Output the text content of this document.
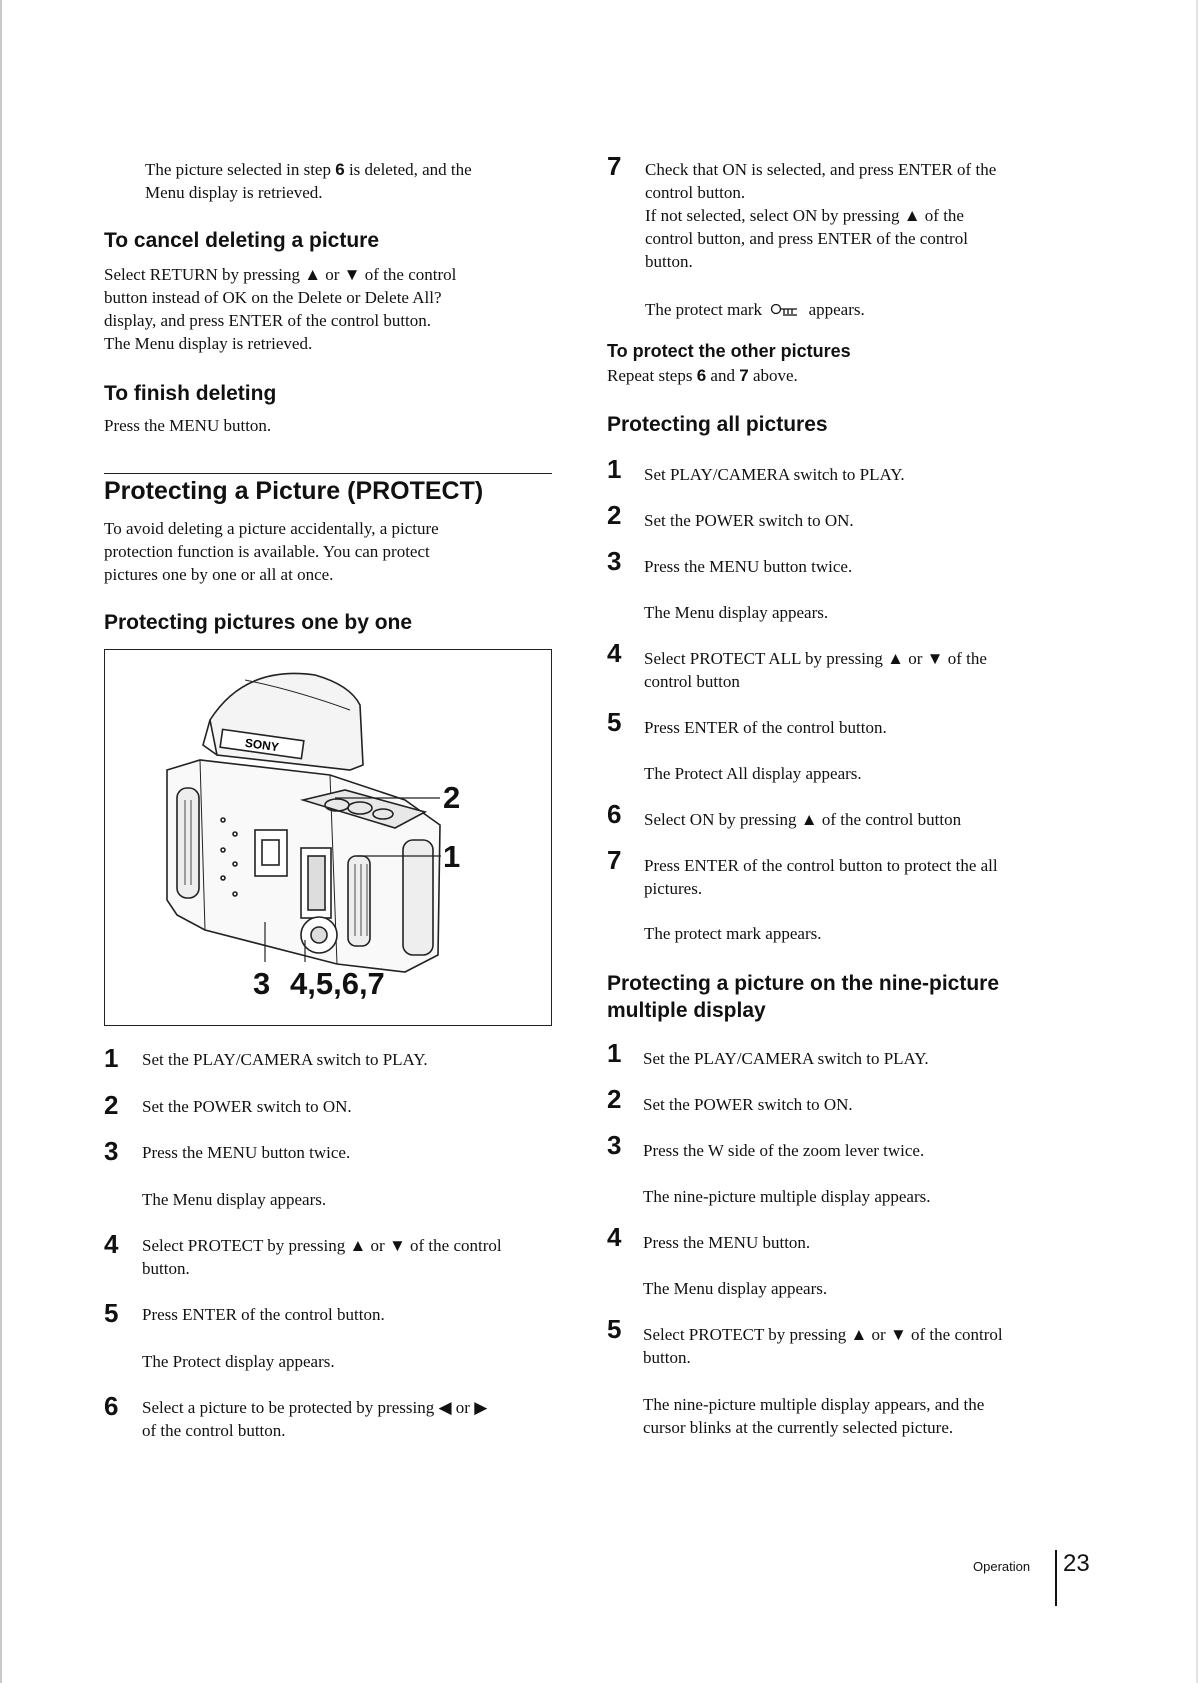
The picture selected in step 6 is deleted, and the
Menu display is retrieved.
To cancel deleting a picture
Select RETURN by pressing ▲ or ▼ of the control
button instead of OK on the Delete or Delete All?
display, and press ENTER of the control button.
The Menu display is retrieved.
To finish deleting
Press the MENU button.
Protecting a Picture (PROTECT)
To avoid deleting a picture accidentally, a picture
protection function is available. You can protect
pictures one by one or all at once.
Protecting pictures one by one
SONY
2
1
3 4,5,6,7
1 Set the PLAY/CAMERA switch to PLAY.
2 Set the POWER switch to ON.
3 Press the MENU button twice.
The Menu display appears.
4 Select PROTECT by pressing ▲ or ▼ of the control
button.
5 Press ENTER of the control button.
The Protect display appears.
6 Select a picture to be protected by pressing ◀ or ▶
of the control button.
7 Check that ON is selected, and press ENTER of the
control button.
If not selected, select ON by pressing ▲ of the
control button, and press ENTER of the control
button.
The protect mark	appears.
To protect the other pictures
Repeat steps 6 and 7 above.
Protecting all pictures
1 Set PLAY/CAMERA switch to PLAY.
2 Set the POWER switch to ON.
3 Press the MENU button twice.
The Menu display appears.
4 Select PROTECT ALL by pressing ▲ or ▼ of the
control button
5 Press ENTER of the control button.
The Protect All display appears.
6 Select ON by pressing ▲ of the control button
7 Press ENTER of the control button to protect the all
pictures.
The protect mark appears.
Protecting a picture on the nine-picture
multiple display
1 Set the PLAY/CAMERA switch to PLAY.
2 Set the POWER switch to ON.
3 Press the W side of the zoom lever twice.
The nine-picture multiple display appears.
4 Press the MENU button.
The Menu display appears.
5 Select PROTECT by pressing ▲ or ▼ of the control
button.
The nine-picture multiple display appears, and the
cursor blinks at the currently selected picture.
Operation 23
